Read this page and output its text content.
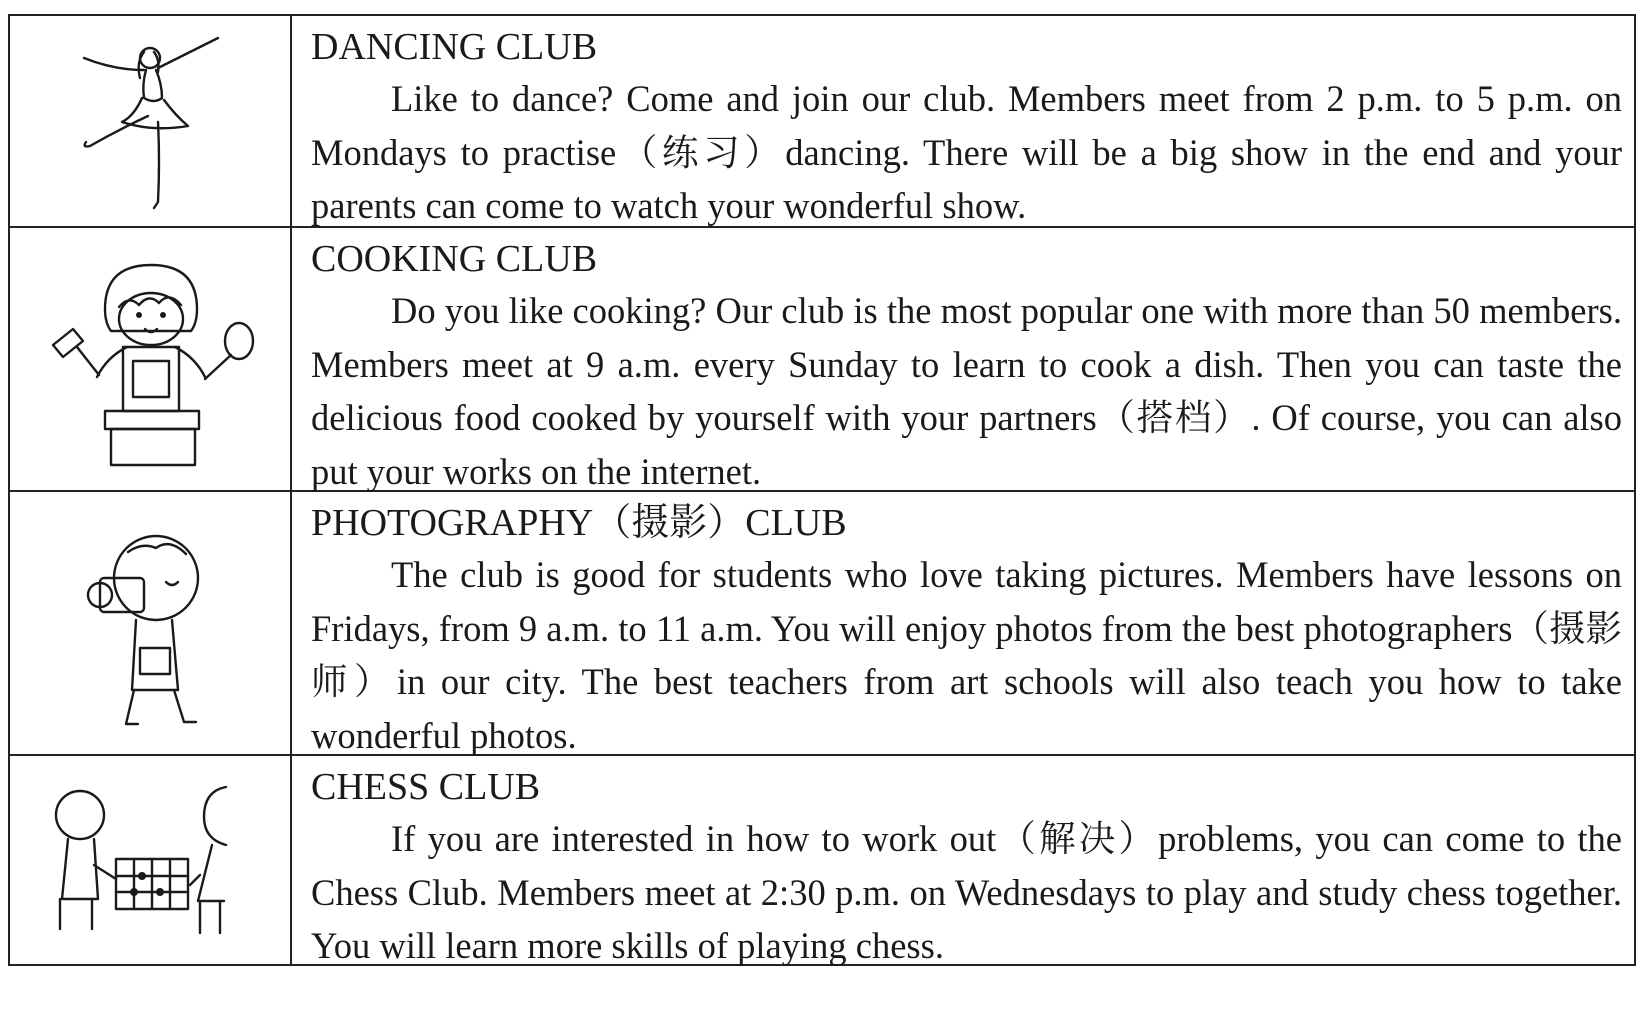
DANCING CLUB

Like to dance? Come and join our club. Members meet from 2 p.m. to 5 p.m. on Mondays to practise（练习）dancing. There will be a big show in the end and your parents can come to watch your wonderful show.

COOKING CLUB

Do you like cooking? Our club is the most popular one with more than 50 members. Members meet at 9 a.m. every Sunday to learn to cook a dish. Then you can taste the delicious food cooked by yourself with your partners（搭档）. Of course, you can also put your works on the internet.

PHOTOGRAPHY（摄影）CLUB

The club is good for students who love taking pictures. Members have lessons on Fridays, from 9 a.m. to 11 a.m. You will enjoy photos from the best photographers（摄影师）in our city. The best teachers from art schools will also teach you how to take wonderful photos.

CHESS CLUB

If you are interested in how to work out（解决）problems, you can come to the Chess Club. Members meet at 2:30 p.m. on Wednesdays to play and study chess together. You will learn more skills of playing chess.
